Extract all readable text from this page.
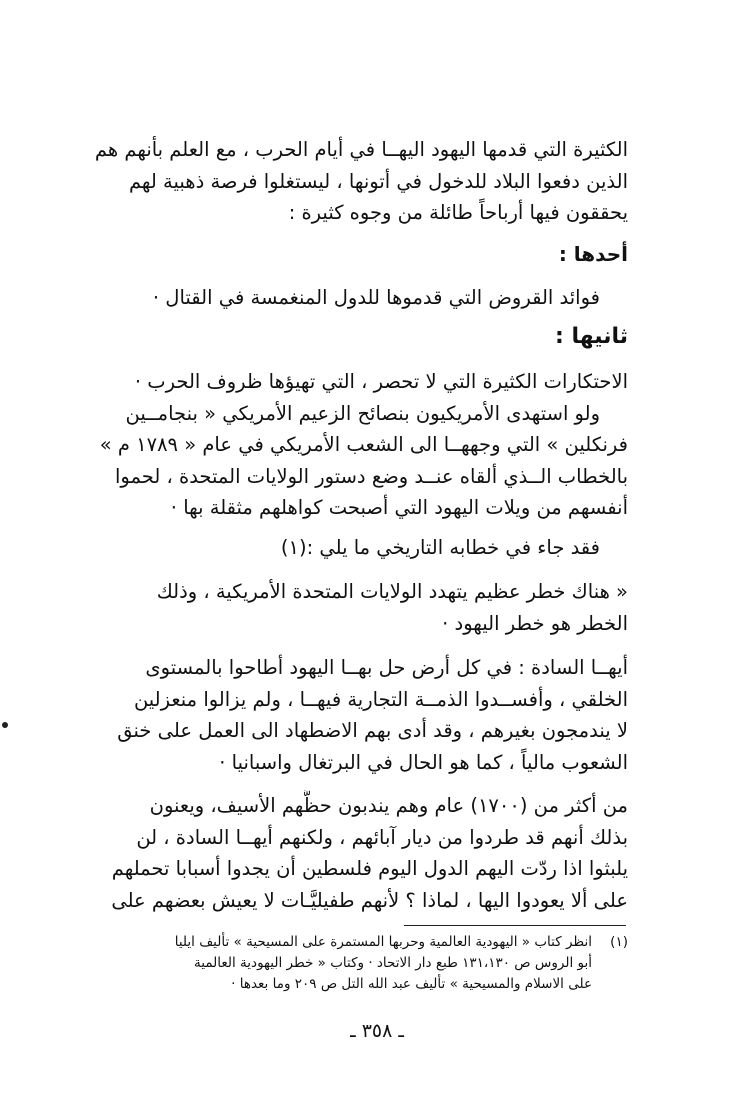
الكثيرة التي قدمها اليهود اليهــا في أيام الحرب ، مع العلم بأنهم هم
الذين دفعوا البلاد للدخول في أتونها ، ليستغلوا فرصة ذهبية لهم
يحققون فيها أرباحاً طائلة من وجوه كثيرة :
أحدها :
فوائد القروض التي قدموها للدول المنغمسة في القتال ·
ثانيها :
الاحتكارات الكثيرة التي لا تحصر ، التي تهيؤها ظروف الحرب ·
ولو استهدى الأمريكيون بنصائح الزعيم الأمريكي « بنجامــين
فرنكلين » التي وجههــا الى الشعب الأمريكي في عام « ١٧٨٩ م »
بالخطاب الــذي ألقاه عنــد وضع دستور الولايات المتحدة ، لحموا
أنفسهم من ويلات اليهود التي أصبحت كواهلهم مثقلة بها ·
فقد جاء في خطابه التاريخي ما يلي :(١)
« هناك خطر عظيم يتهدد الولايات المتحدة الأمريكية ، وذلك
الخطر هو خطر اليهود ·
أيهــا السادة : في كل أرض حل بهــا اليهود أطاحوا بالمستوى
الخلقي ، وأفســدوا الذمــة التجارية فيهــا ، ولم يزالوا منعزلين
لا يندمجون بغيرهم ، وقد أدى بهم الاضطهاد الى العمل على خنق
الشعوب مالياً ، كما هو الحال في البرتغال واسبانيا ·
من أكثر من (١٧٠٠) عام وهم يندبون حظَّهم الأسيف، ويعنون
بذلك أنهم قد طردوا من ديار آبائهم ، ولكنهم أيهــا السادة ، لن
يلبثوا اذا ردّت اليهم الدول اليوم فلسطين أن يجدوا أسبابا تحملهم
على ألا يعودوا اليها ، لماذا ؟ لأنهم طفيليَّـات لا يعيش بعضهم على
(١)
انظر كتاب « اليهودية العالمية وحربها المستمرة على المسيحية » تأليف ايليا
أبو الروس ص ١٣١،١٣٠ طبع دار الاتحاد · وكتاب « خطر اليهودية العالمية
على الاسلام والمسيحية » تأليف عبد الله التل ص ٢٠٩ وما بعدها ·
ـ ٣٥٨ ـ
